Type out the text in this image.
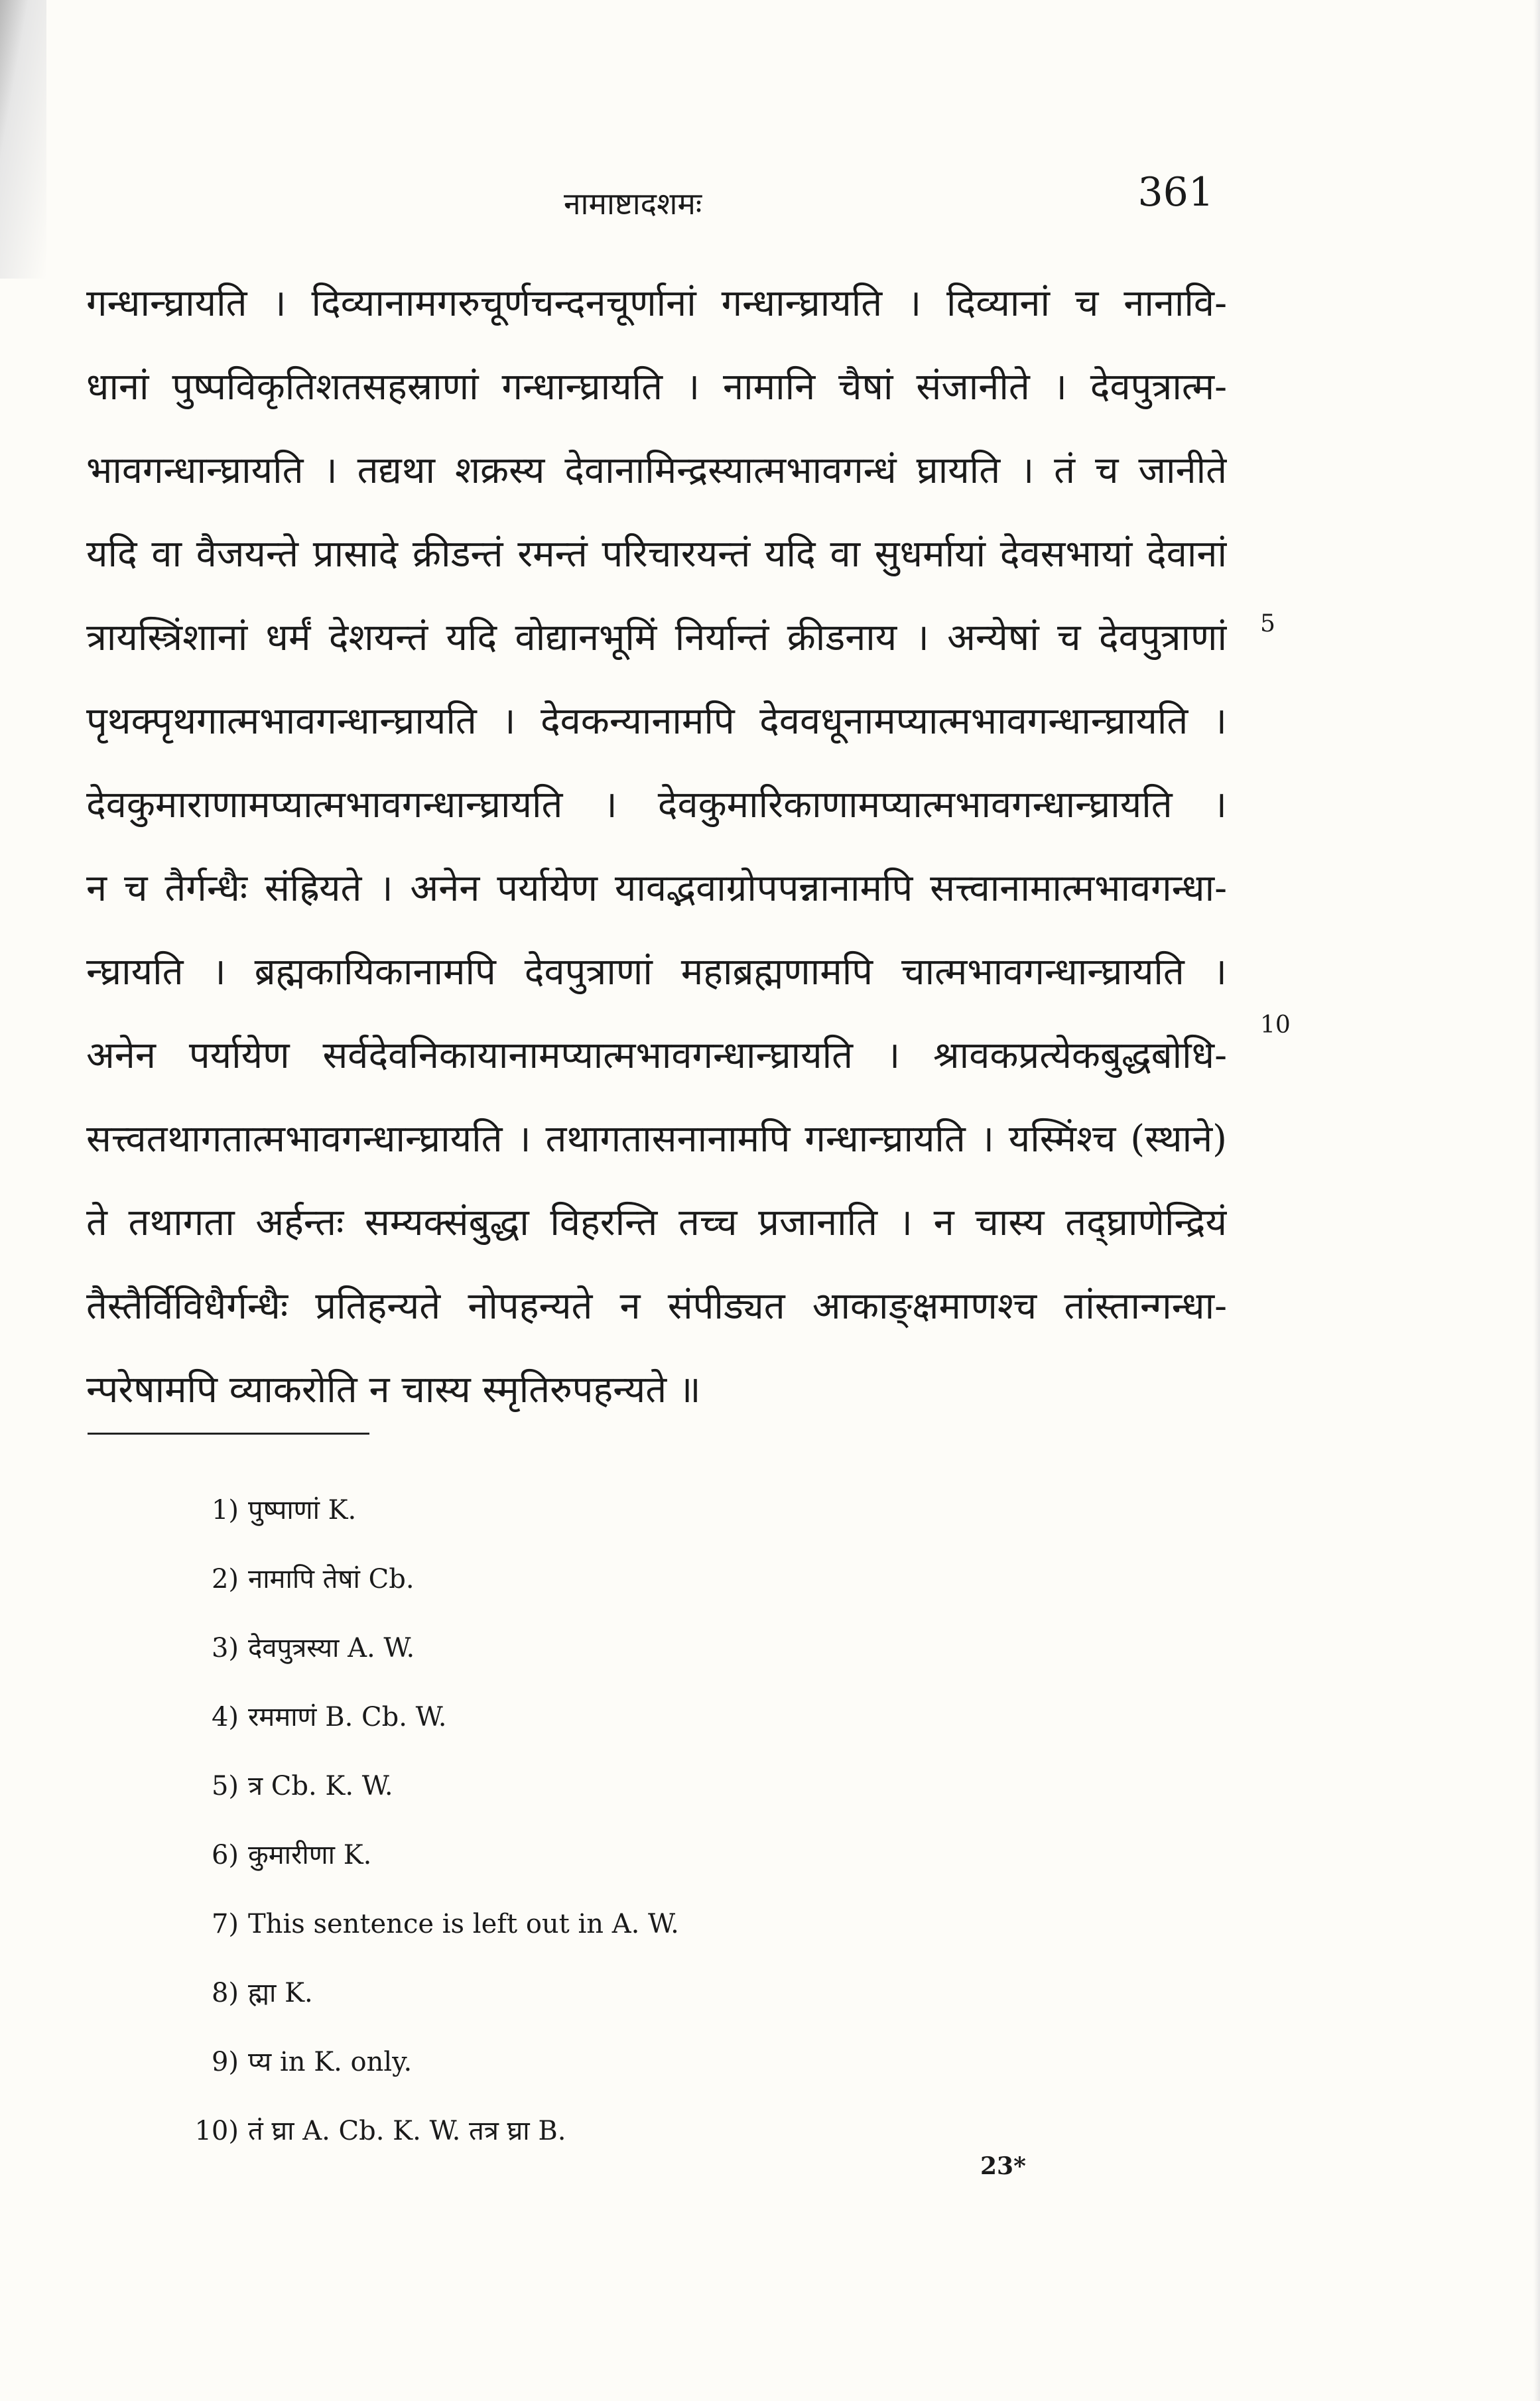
नामाष्टादशमः	361
गन्धान्घ्रायति । दिव्यानामगरुचूर्णचन्दनचूर्णानां गन्धान्घ्रायति । दिव्यानां च नानावि-
धानां पुष्पविकृतिशतसहस्राणां गन्धान्घ्रायति । नामानि चैषां संजानीते । देवपुत्रात्म-
भावगन्धान्घ्रायति । तद्यथा शक्रस्य देवानामिन्द्रस्यात्मभावगन्धं घ्रायति । तं च जानीते
यदि वा वैजयन्ते प्रासादे क्रीडन्तं रमन्तं परिचारयन्तं यदि वा सुधर्मायां देवसभायां देवानां
त्रायस्त्रिंशानां धर्मं देशयन्तं यदि वोद्यानभूमिं निर्यान्तं क्रीडनाय । अन्येषां च देवपुत्राणां
पृथक्पृथगात्मभावगन्धान्घ्रायति । देवकन्यानामपि देववधूनामप्यात्मभावगन्धान्घ्रायति ।
देवकुमाराणामप्यात्मभावगन्धान्घ्रायति । देवकुमारिकाणामप्यात्मभावगन्धान्घ्रायति ।
न च तैर्गन्धैः संह्रियते । अनेन पर्यायेण यावद्भवाग्रोपपन्नानामपि सत्त्वानामात्मभावगन्धा-
न्घ्रायति । ब्रह्मकायिकानामपि देवपुत्राणां महाब्रह्मणामपि चात्मभावगन्धान्घ्रायति ।
अनेन पर्यायेण सर्वदेवनिकायानामप्यात्मभावगन्धान्घ्रायति । श्रावकप्रत्येकबुद्धबोधि-
सत्त्वतथागतात्मभावगन्धान्घ्रायति । तथागतासनानामपि गन्धान्घ्रायति । यस्मिंश्च (स्थाने)
ते तथागता अर्हन्तः सम्यक्संबुद्धा विहरन्ति तच्च प्रजानाति । न चास्य तद्घ्राणेन्द्रियं
तैस्तैर्विविधैर्गन्धैः प्रतिहन्यते नोपहन्यते न संपीड्यत आकाङ्क्षमाणश्च तांस्तान्गन्धा-
न्परेषामपि व्याकरोति न चास्य स्मृतिरुपहन्यते ॥
5
10
1) पुष्पाणां K.
2) नामापि तेषां Cb.
3) देवपुत्रस्या A. W.
4) रममाणं B. Cb. W.
5) त्र Cb. K. W.
6) कुमारीणा K.
7) This sentence is left out in A. W.
8) ह्मा K.
9) प्य in K. only.
10) तं घ्रा A. Cb. K. W. तत्र घ्रा B.
23*
